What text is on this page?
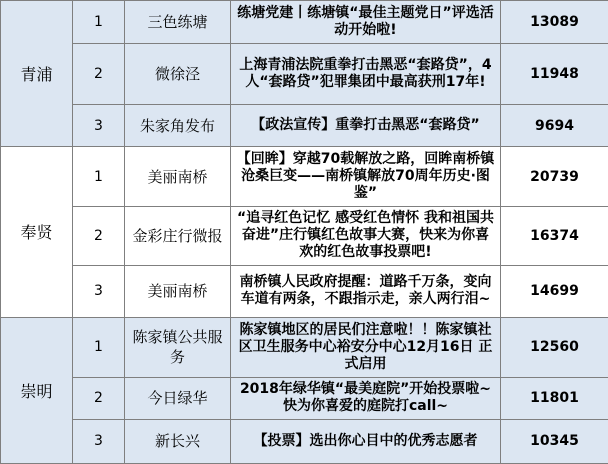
青浦	1	三色练塘	练塘党建丨练塘镇“最佳主题党日”评选活动开始啦!	13089
	2	微徐泾	上海青浦法院重拳打击黑恶“套路贷”，4人“套路贷”犯罪集团中最高获刑17年!	11948
	3	朱家角发布	【政法宣传】重拳打击黑恶“套路贷”	9694
奉贤	1	美丽南桥	【回眸】穿越70载解放之路，回眸南桥镇沧桑巨变——南桥镇解放70周年历史·图鉴”	20739
	2	金彩庄行微报	“追寻红色记忆 感受红色情怀 我和祖国共奋进”庄行镇红色故事大赛，快来为你喜欢的红色故事投票吧!	16374
	3	美丽南桥	南桥镇人民政府提醒：道路千万条，变向车道有两条，不跟指示走，亲人两行泪~	14699
崇明	1	陈家镇公共服务	陈家镇地区的居民们注意啦！！陈家镇社区卫生服务中心裕安分中心12月16日 正式启用	12560
	2	今日绿华	2018年绿华镇“最美庭院”开始投票啦~快为你喜爱的庭院打call~	11801
	3	新长兴	【投票】选出你心目中的优秀志愿者	10345
